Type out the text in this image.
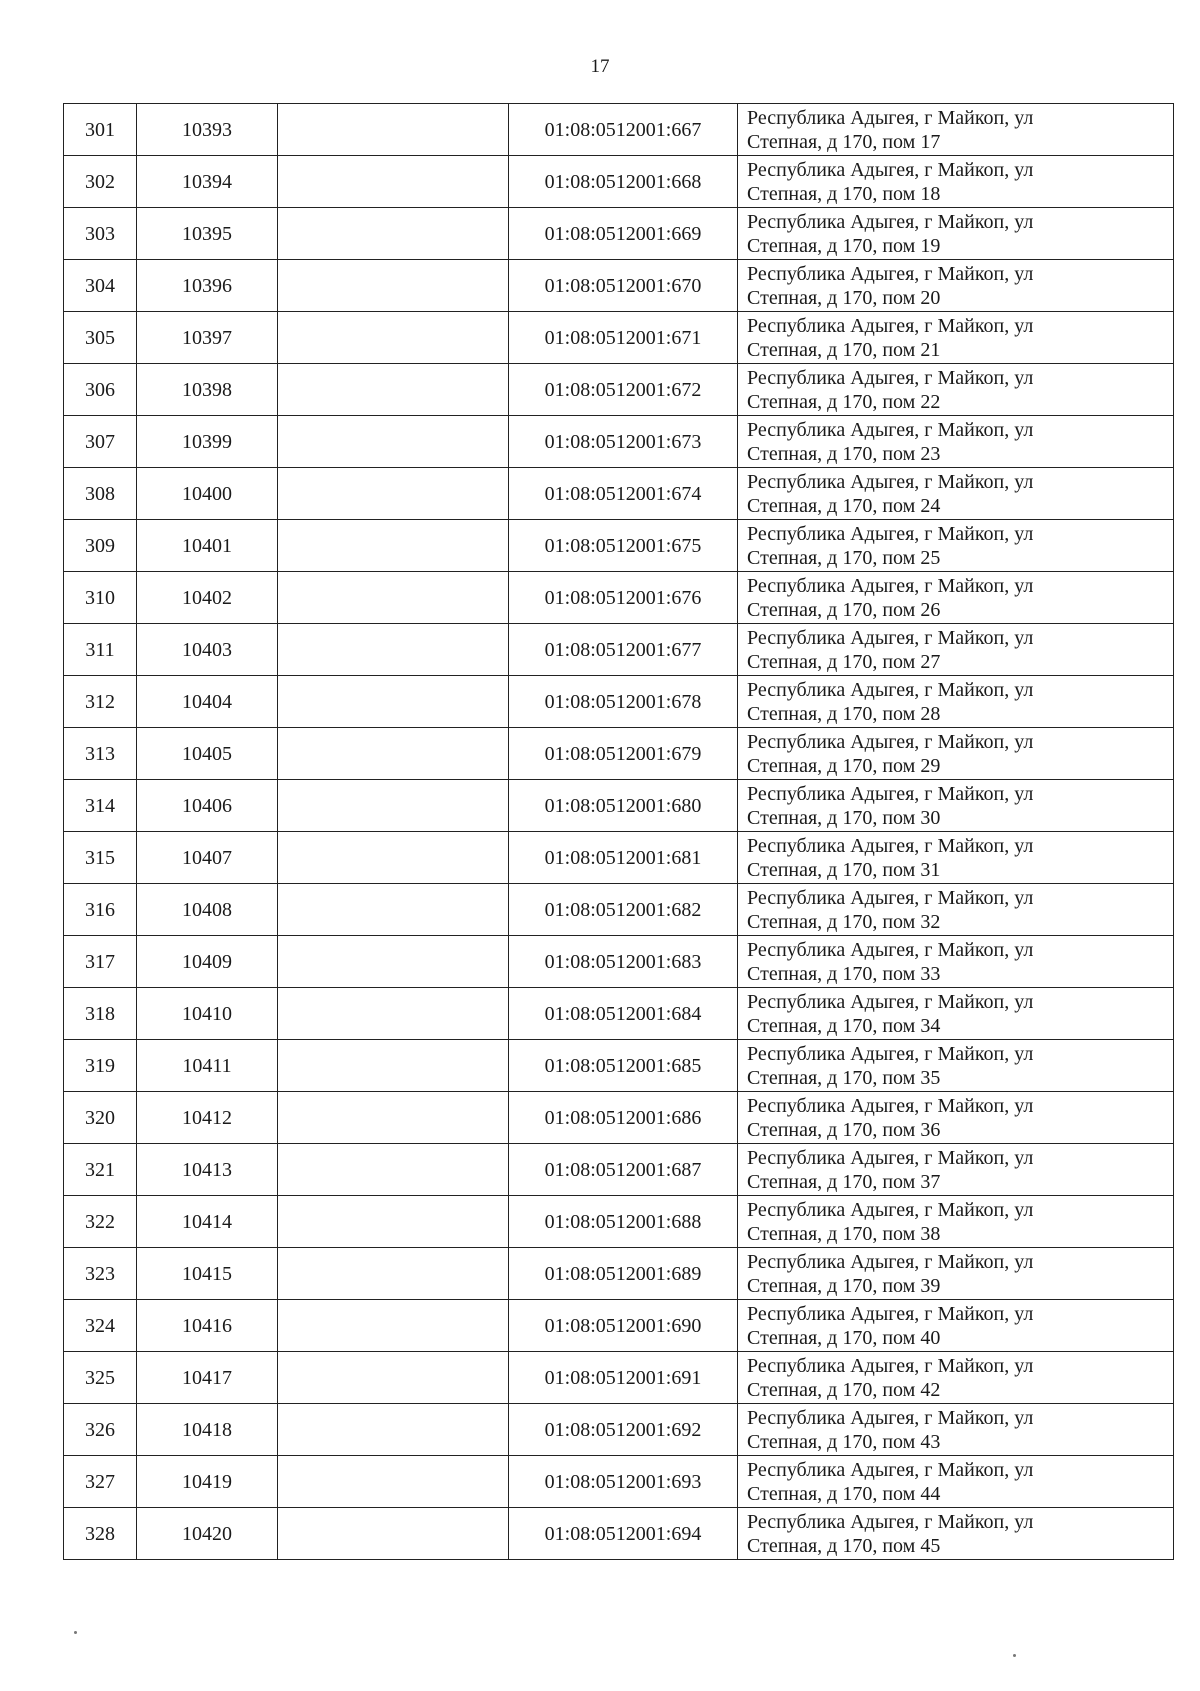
17
301	10393		01:08:0512001:667	Республика Адыгея, г Майкоп, ул
Степная, д 170, пом 17

302	10394		01:08:0512001:668	Республика Адыгея, г Майкоп, ул
Степная, д 170, пом 18

303	10395		01:08:0512001:669	Республика Адыгея, г Майкоп, ул
Степная, д 170, пом 19

304	10396		01:08:0512001:670	Республика Адыгея, г Майкоп, ул
Степная, д 170, пом 20

305	10397		01:08:0512001:671	Республика Адыгея, г Майкоп, ул
Степная, д 170, пом 21

306	10398		01:08:0512001:672	Республика Адыгея, г Майкоп, ул
Степная, д 170, пом 22

307	10399		01:08:0512001:673	Республика Адыгея, г Майкоп, ул
Степная, д 170, пом 23

308	10400		01:08:0512001:674	Республика Адыгея, г Майкоп, ул
Степная, д 170, пом 24

309	10401		01:08:0512001:675	Республика Адыгея, г Майкоп, ул
Степная, д 170, пом 25

310	10402		01:08:0512001:676	Республика Адыгея, г Майкоп, ул
Степная, д 170, пом 26

311	10403		01:08:0512001:677	Республика Адыгея, г Майкоп, ул
Степная, д 170, пом 27

312	10404		01:08:0512001:678	Республика Адыгея, г Майкоп, ул
Степная, д 170, пом 28

313	10405		01:08:0512001:679	Республика Адыгея, г Майкоп, ул
Степная, д 170, пом 29

314	10406		01:08:0512001:680	Республика Адыгея, г Майкоп, ул
Степная, д 170, пом 30

315	10407		01:08:0512001:681	Республика Адыгея, г Майкоп, ул
Степная, д 170, пом 31

316	10408		01:08:0512001:682	Республика Адыгея, г Майкоп, ул
Степная, д 170, пом 32

317	10409		01:08:0512001:683	Республика Адыгея, г Майкоп, ул
Степная, д 170, пом 33

318	10410		01:08:0512001:684	Республика Адыгея, г Майкоп, ул
Степная, д 170, пом 34

319	10411		01:08:0512001:685	Республика Адыгея, г Майкоп, ул
Степная, д 170, пом 35

320	10412		01:08:0512001:686	Республика Адыгея, г Майкоп, ул
Степная, д 170, пом 36

321	10413		01:08:0512001:687	Республика Адыгея, г Майкоп, ул
Степная, д 170, пом 37

322	10414		01:08:0512001:688	Республика Адыгея, г Майкоп, ул
Степная, д 170, пом 38

323	10415		01:08:0512001:689	Республика Адыгея, г Майкоп, ул
Степная, д 170, пом 39

324	10416		01:08:0512001:690	Республика Адыгея, г Майкоп, ул
Степная, д 170, пом 40

325	10417		01:08:0512001:691	Республика Адыгея, г Майкоп, ул
Степная, д 170, пом 42

326	10418		01:08:0512001:692	Республика Адыгея, г Майкоп, ул
Степная, д 170, пом 43

327	10419		01:08:0512001:693	Республика Адыгея, г Майкоп, ул
Степная, д 170, пом 44

328	10420		01:08:0512001:694	Республика Адыгея, г Майкоп, ул
Степная, д 170, пом 45
